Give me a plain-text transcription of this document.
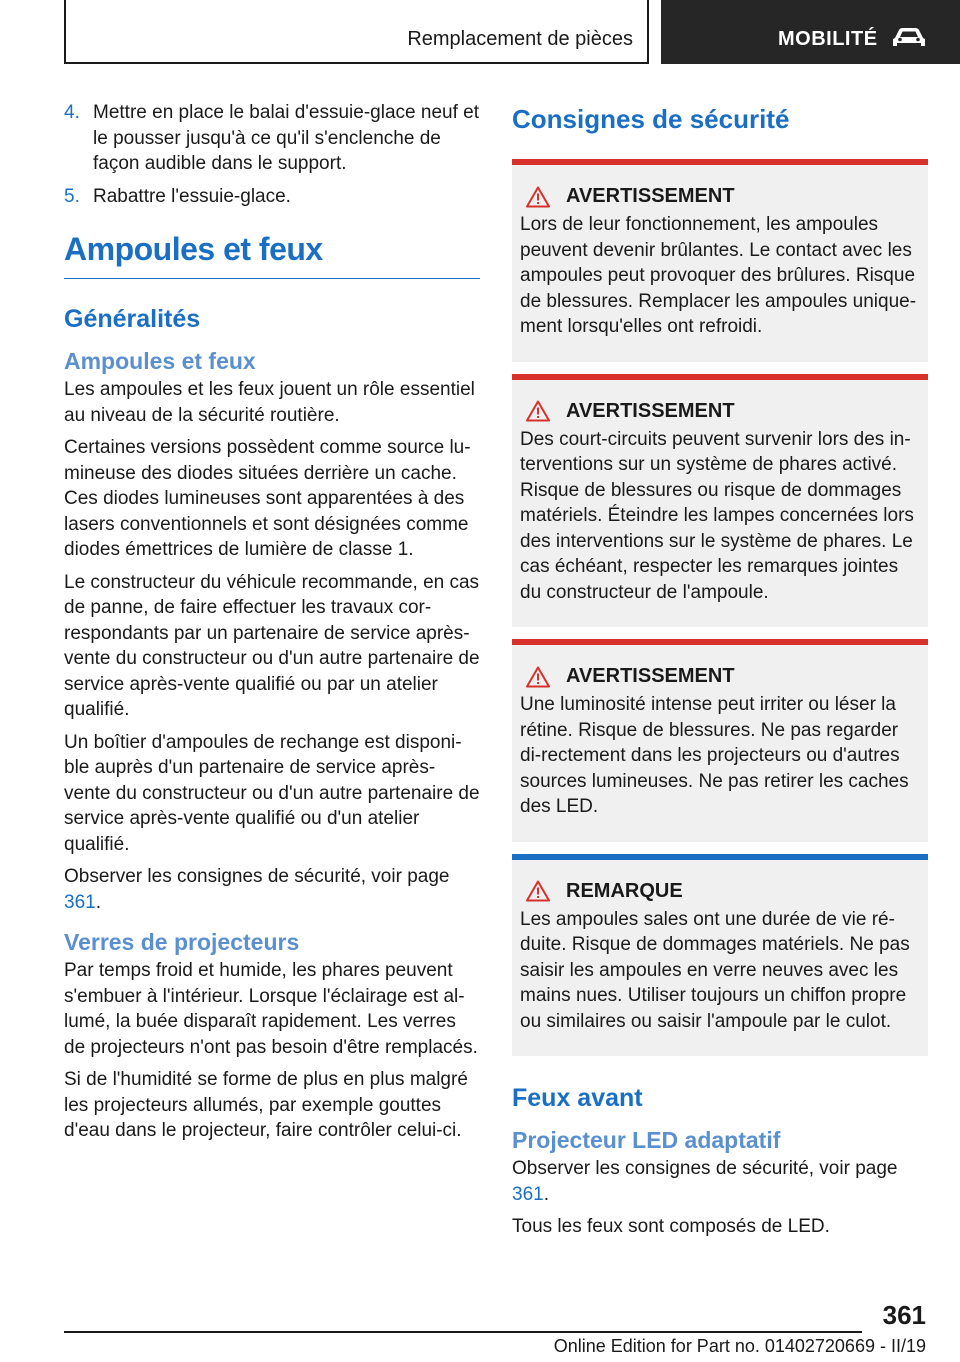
Remplacement de pièces	MOBILITÉ
4. Mettre en place le balai d'essuie-glace neuf et le pousser jusqu'à ce qu'il s'enclenche de façon audible dans le support.
5. Rabattre l'essuie-glace.
Ampoules et feux
Généralités
Ampoules et feux

Les ampoules et les feux jouent un rôle essentiel au niveau de la sécurité routière.

Certaines versions possèdent comme source lu‐mineuse des diodes situées derrière un cache. Ces diodes lumineuses sont apparentées à des lasers conventionnels et sont désignées comme diodes émettrices de lumière de classe 1.

Le constructeur du véhicule recommande, en cas de panne, de faire effectuer les travaux cor‐respondants par un partenaire de service après-vente du constructeur ou d'un autre partenaire de service après-vente qualifié ou par un atelier qualifié.

Un boîtier d'ampoules de rechange est disponi‐ble auprès d'un partenaire de service après-vente du constructeur ou d'un autre partenaire de service après-vente qualifié ou d'un atelier qualifié.

Observer les consignes de sécurité, voir page 361.

Verres de projecteurs

Par temps froid et humide, les phares peuvent s'embuer à l'intérieur. Lorsque l'éclairage est al‐lumé, la buée disparaît rapidement. Les verres de projecteurs n'ont pas besoin d'être remplacés.

Si de l'humidité se forme de plus en plus malgré les projecteurs allumés, par exemple gouttes d'eau dans le projecteur, faire contrôler celui-ci.

Consignes de sécurité
AVERTISSEMENT
Lors de leur fonctionnement, les ampoules peuvent devenir brûlantes. Le contact avec les ampoules peut provoquer des brûlures. Risque de blessures. Remplacer les ampoules unique‐ment lorsqu'elles ont refroidi.
AVERTISSEMENT
Des court-circuits peuvent survenir lors des in‐terventions sur un système de phares activé. Risque de blessures ou risque de dommages matériels. Éteindre les lampes concernées lors des interventions sur le système de phares. Le cas échéant, respecter les remarques jointes du constructeur de l'ampoule.
AVERTISSEMENT
Une luminosité intense peut irriter ou léser la rétine. Risque de blessures. Ne pas regarder di‐rectement dans les projecteurs ou d'autres sources lumineuses. Ne pas retirer les caches des LED.
REMARQUE
Les ampoules sales ont une durée de vie ré‐duite. Risque de dommages matériels. Ne pas saisir les ampoules en verre neuves avec les mains nues. Utiliser toujours un chiffon propre ou similaires ou saisir l'ampoule par le culot.
Feux avant
Projecteur LED adaptatif

Observer les consignes de sécurité, voir page 361.

Tous les feux sont composés de LED.

361
Online Edition for Part no. 01402720669 - II/19
